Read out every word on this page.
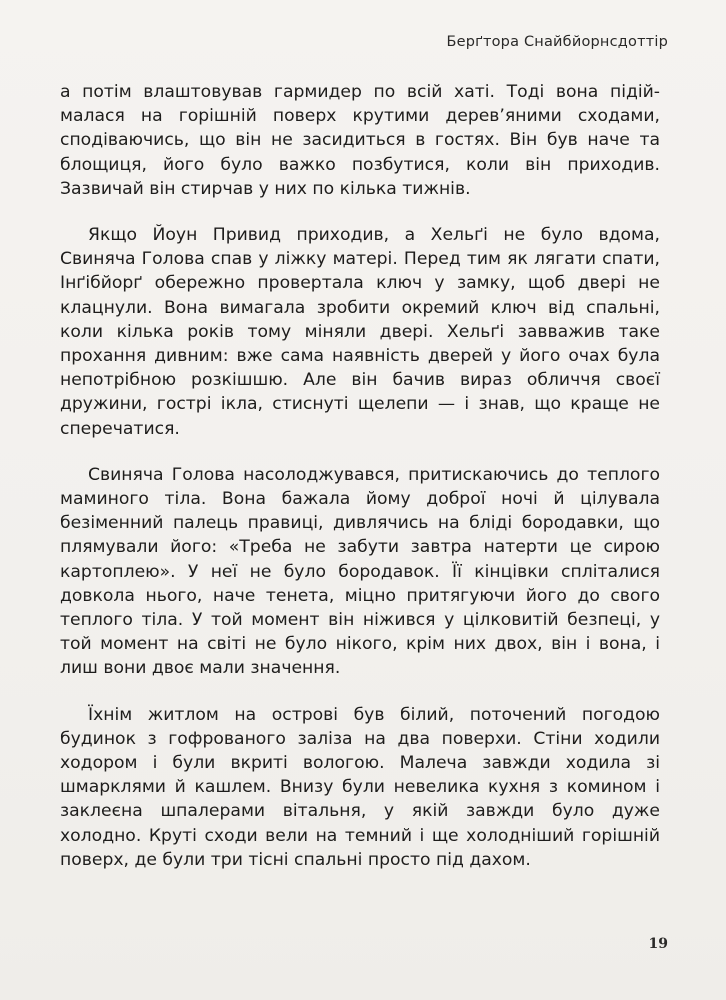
Берґтора Снайбйорнсдоттір

а потім влаштовував гармидер по всій хаті. Тоді вона підіймалася на горішній поверх крутими дерев’яними сходами, сподіваючись, що він не засидиться в гостях. Він був наче та блощиця, його було важко позбутися, коли він приходив. Зазвичай він стирчав у них по кілька тижнів.

Якщо Йоун Привид приходив, а Хельґі не було вдома, Свиняча Голова спав у ліжку матері. Перед тим як лягати спати, Інґібйорґ обережно провертала ключ у замку, щоб двері не клацнули. Вона вимагала зробити окремий ключ від спальні, коли кілька років тому міняли двері. Хельґі завважив таке прохання дивним: вже сама наявність дверей у його очах була непотрібною розкішшю. Але він бачив вираз обличчя своєї дружини, гострі ікла, стиснуті щелепи — і знав, що краще не сперечатися.

Свиняча Голова насолоджувався, притискаючись до теплого маминого тіла. Вона бажала йому доброї ночі й цілувала безіменний палець правиці, дивлячись на бліді бородавки, що плямували його: «Треба не забути завтра натерти це сирою картоплею». У неї не було бородавок. Її кінцівки сплiталися довкола нього, наче тенета, міцно притягуючи його до свого теплого тіла. У той момент він ніжився у цілковитій безпеці, у той момент на світі не було нікого, крім них двох, він і вона, і лиш вони двоє мали значення.

Їхнім житлом на острові був білий, поточений погодою будинок з гофрованого заліза на два поверхи. Стіни ходили ходором і були вкриті вологою. Малеча завжди ходила зі шмарклями й кашлем. Внизу були невелика кухня з комином і заклеєна шпалерами вітальня, у якій завжди було дуже холодно. Круті сходи вели на темний і ще холодніший горішній поверх, де були три тісні спальні просто під дахом.

19
